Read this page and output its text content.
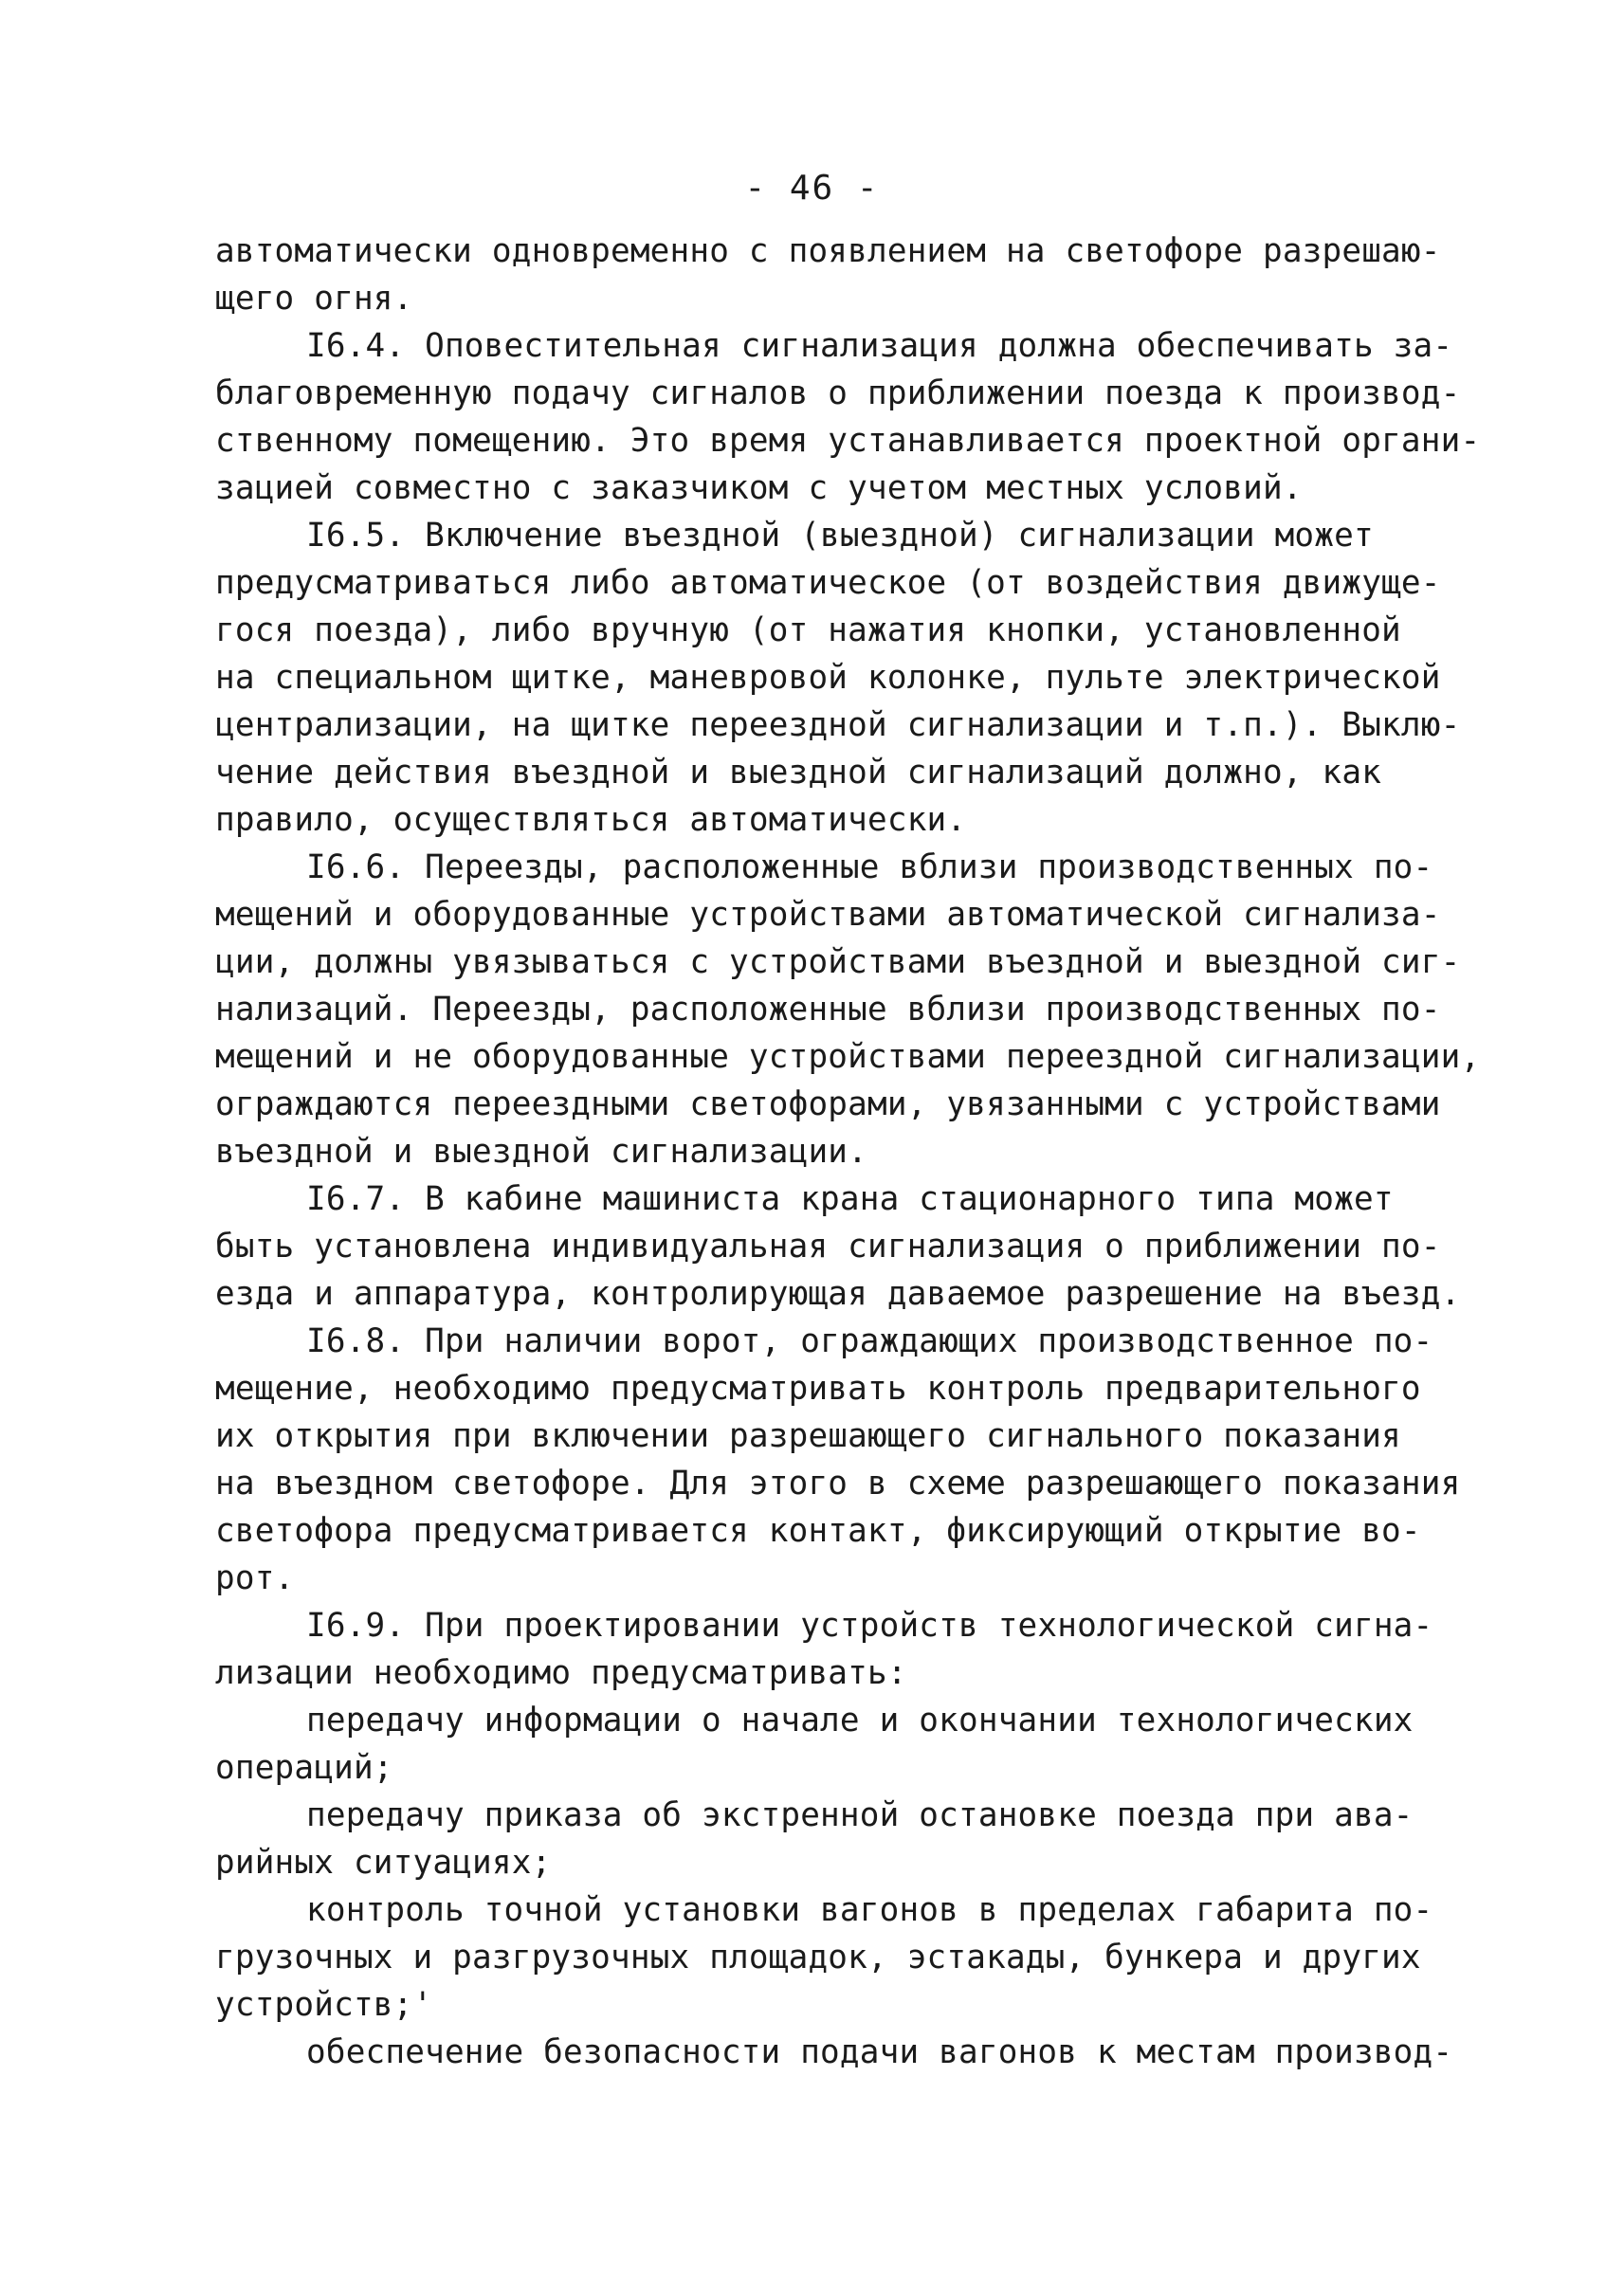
- 46 -
автоматически одновременно с появлением на светофоре разрешаю-
щего огня.
I6.4. Оповестительная сигнализация должна обеспечивать за-
благовременную подачу сигналов о приближении поезда к производ-
ственному помещению. Это время устанавливается проектной органи-
зацией совместно с заказчиком с учетом местных условий.
I6.5. Включение въездной (выездной) сигнализации может
предусматриваться либо автоматическое (от воздействия движуще-
гося поезда), либо вручную (от нажатия кнопки, установленной
на специальном щитке, маневровой колонке, пульте электрической
централизации, на щитке переездной сигнализации и т.п.). Выклю-
чение действия въездной и выездной сигнализаций должно, как
правило, осуществляться автоматически.
I6.6. Переезды, расположенные вблизи производственных по-
мещений и оборудованные устройствами автоматической сигнализа-
ции, должны увязываться с устройствами въездной и выездной сиг-
нализаций. Переезды, расположенные вблизи производственных по-
мещений и не оборудованные устройствами переездной сигнализации,
ограждаются переездными светофорами, увязанными с устройствами
въездной и выездной сигнализации.
I6.7. В кабине машиниста крана стационарного типа может
быть установлена индивидуальная сигнализация о приближении по-
езда и аппаратура, контролирующая даваемое разрешение на въезд.
I6.8. При наличии ворот, ограждающих производственное по-
мещение, необходимо предусматривать контроль предварительного
их открытия при включении разрешающего сигнального показания
на въездном светофоре. Для этого в схеме разрешающего показания
светофора предусматривается контакт, фиксирующий открытие во-
рот.
I6.9. При проектировании устройств технологической сигна-
лизации необходимо предусматривать:
передачу информации о начале и окончании технологических
операций;
передачу приказа об экстренной остановке поезда при ава-
рийных ситуациях;
контроль точной установки вагонов в пределах габарита по-
грузочных и разгрузочных площадок, эстакады, бункера и других
устройств;'
обеспечение безопасности подачи вагонов к местам производ-
